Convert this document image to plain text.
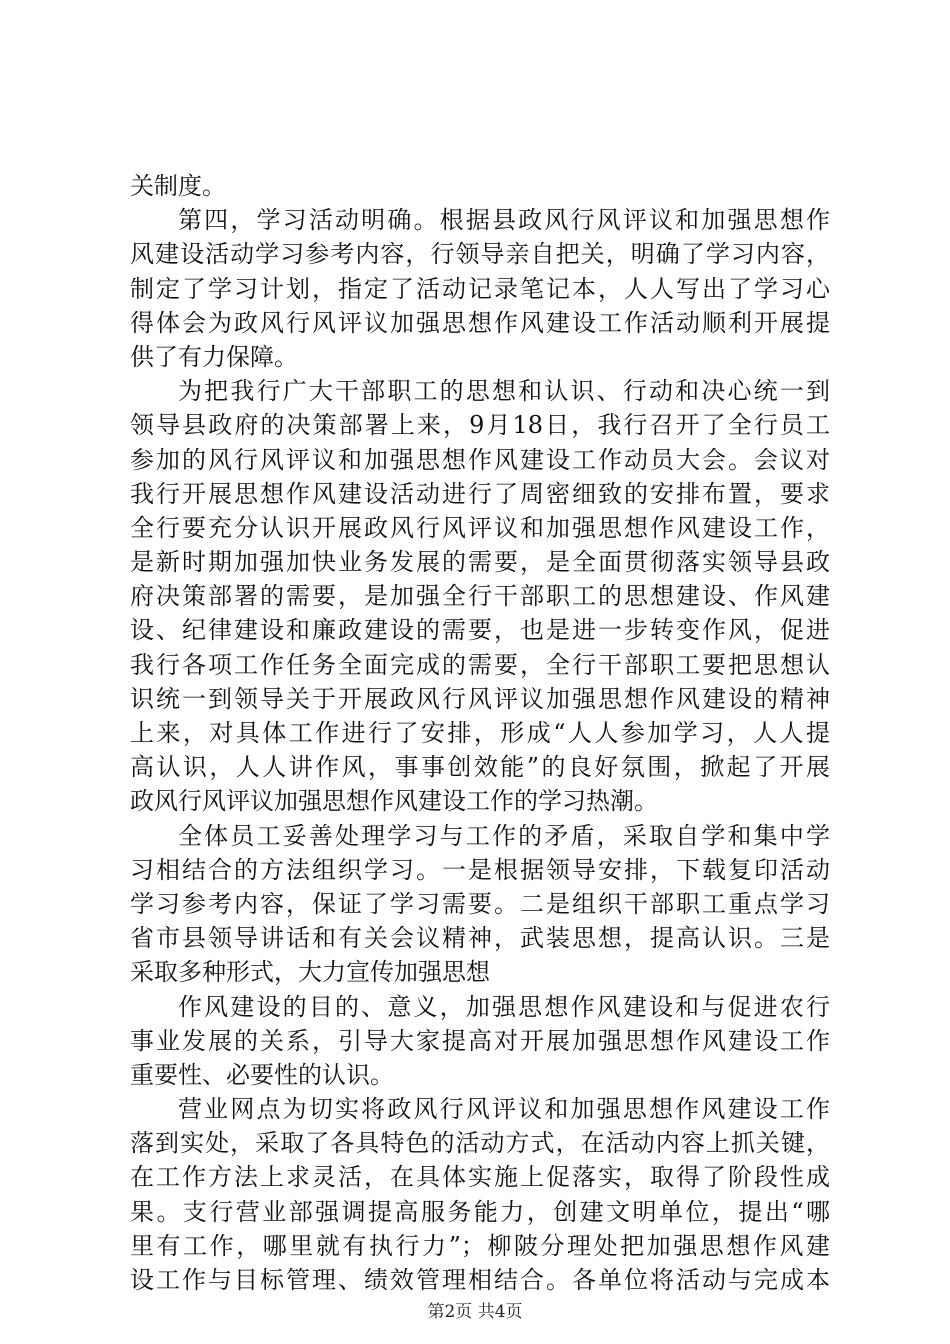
关制度。
第四，学习活动明确。根据县政风行风评议和加强思想作
风建设活动学习参考内容，行领导亲自把关，明确了学习内容，
制定了学习计划，指定了活动记录笔记本，人人写出了学习心
得体会为政风行风评议加强思想作风建设工作活动顺利开展提
供了有力保障。
为把我行广大干部职工的思想和认识、行动和决心统一到
领导县政府的决策部署上来，9月18日，我行召开了全行员工
参加的风行风评议和加强思想作风建设工作动员大会。会议对
我行开展思想作风建设活动进行了周密细致的安排布置，要求
全行要充分认识开展政风行风评议和加强思想作风建设工作，
是新时期加强加快业务发展的需要，是全面贯彻落实领导县政
府决策部署的需要，是加强全行干部职工的思想建设、作风建
设、纪律建设和廉政建设的需要，也是进一步转变作风，促进
我行各项工作任务全面完成的需要，全行干部职工要把思想认
识统一到领导关于开展政风行风评议加强思想作风建设的精神
上来，对具体工作进行了安排，形成“人人参加学习，人人提
高认识，人人讲作风，事事创效能”的良好氛围，掀起了开展
政风行风评议加强思想作风建设工作的学习热潮。
全体员工妥善处理学习与工作的矛盾，采取自学和集中学
习相结合的方法组织学习。一是根据领导安排，下载复印活动
学习参考内容，保证了学习需要。二是组织干部职工重点学习
省市县领导讲话和有关会议精神，武装思想，提高认识。三是
采取多种形式，大力宣传加强思想
作风建设的目的、意义，加强思想作风建设和与促进农行
事业发展的关系，引导大家提高对开展加强思想作风建设工作
重要性、必要性的认识。
营业网点为切实将政风行风评议和加强思想作风建设工作
落到实处，采取了各具特色的活动方式，在活动内容上抓关键，
在工作方法上求灵活，在具体实施上促落实，取得了阶段性成
果。支行营业部强调提高服务能力，创建文明单位，提出“哪
里有工作，哪里就有执行力”；柳陂分理处把加强思想作风建
设工作与目标管理、绩效管理相结合。各单位将活动与完成本
第2页 共4页
